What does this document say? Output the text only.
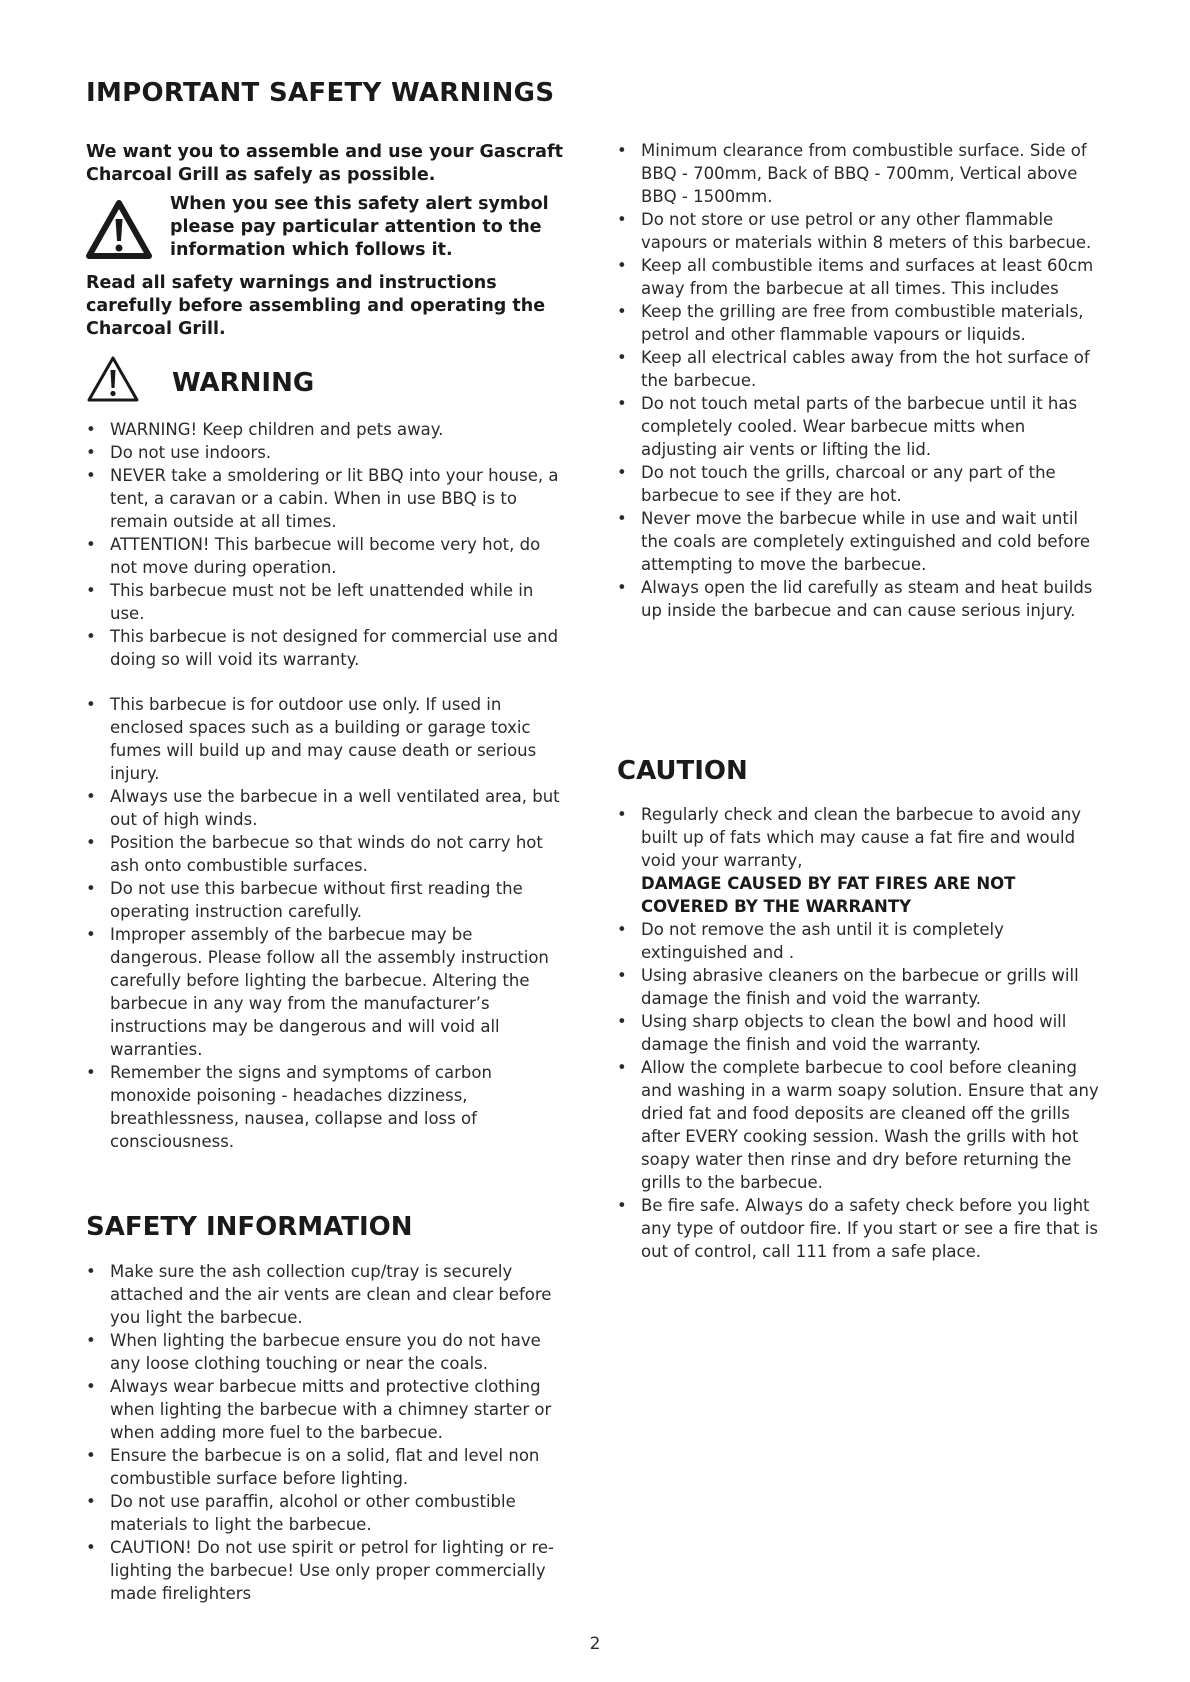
IMPORTANT SAFETY WARNINGS

We want you to assemble and use your Gascraft Charcoal Grill as safely as possible.

When you see this safety alert symbol please pay particular attention to the information which follows it.

Read all safety warnings and instructions carefully before assembling and operating the Charcoal Grill.

WARNING
• WARNING! Keep children and pets away.
• Do not use indoors.
• NEVER take a smoldering or lit BBQ into your house, a tent, a caravan or a cabin. When in use BBQ is to remain outside at all times.
• ATTENTION! This barbecue will become very hot, do not move during operation.
• This barbecue must not be left unattended while in use.
• This barbecue is not designed for commercial use and doing so will void its warranty.
• This barbecue is for outdoor use only. If used in enclosed spaces such as a building or garage toxic fumes will build up and may cause death or serious injury.
• Always use the barbecue in a well ventilated area, but out of high winds.
• Position the barbecue so that winds do not carry hot ash onto combustible surfaces.
• Do not use this barbecue without first reading the operating instruction carefully.
• Improper assembly of the barbecue may be dangerous. Please follow all the assembly instruction carefully before lighting the barbecue. Altering the barbecue in any way from the manufacturer’s instructions may be dangerous and will void all warranties.
• Remember the signs and symptoms of carbon monoxide poisoning - headaches dizziness, breathlessness, nausea, collapse and loss of consciousness.
SAFETY INFORMATION
• Make sure the ash collection cup/tray is securely attached and the air vents are clean and clear before you light the barbecue.
• When lighting the barbecue ensure you do not have any loose clothing touching or near the coals.
• Always wear barbecue mitts and protective clothing when lighting the barbecue with a chimney starter or when adding more fuel to the barbecue.
• Ensure the barbecue is on a solid, flat and level non combustible surface before lighting.
• Do not use paraffin, alcohol or other combustible materials to light the barbecue.
• CAUTION! Do not use spirit or petrol for lighting or re-lighting the barbecue! Use only proper commercially made firelighters
• Minimum clearance from combustible surface. Side of BBQ - 700mm, Back of BBQ - 700mm, Vertical above BBQ - 1500mm.
• Do not store or use petrol or any other flammable vapours or materials within 8 meters of this barbecue.
• Keep all combustible items and surfaces at least 60cm away from the barbecue at all times. This includes
• Keep the grilling are free from combustible materials, petrol and other flammable vapours or liquids.
• Keep all electrical cables away from the hot surface of the barbecue.
• Do not touch metal parts of the barbecue until it has completely cooled. Wear barbecue mitts when adjusting air vents or lifting the lid.
• Do not touch the grills, charcoal or any part of the barbecue to see if they are hot.
• Never move the barbecue while in use and wait until the coals are completely extinguished and cold before attempting to move the barbecue.
• Always open the lid carefully as steam and heat builds up inside the barbecue and can cause serious injury.
CAUTION
• Regularly check and clean the barbecue to avoid any built up of fats which may cause a fat fire and would void your warranty,
DAMAGE CAUSED BY FAT FIRES ARE NOT COVERED BY THE WARRANTY
• Do not remove the ash until it is completely extinguished and .
• Using abrasive cleaners on the barbecue or grills will damage the finish and void the warranty.
• Using sharp objects to clean the bowl and hood will damage the finish and void the warranty.
• Allow the complete barbecue to cool before cleaning and washing in a warm soapy solution. Ensure that any dried fat and food deposits are cleaned off the grills after EVERY cooking session. Wash the grills with hot soapy water then rinse and dry before returning the grills to the barbecue.
• Be fire safe. Always do a safety check before you light any type of outdoor fire. If you start or see a fire that is out of control, call 111 from a safe place.

2
